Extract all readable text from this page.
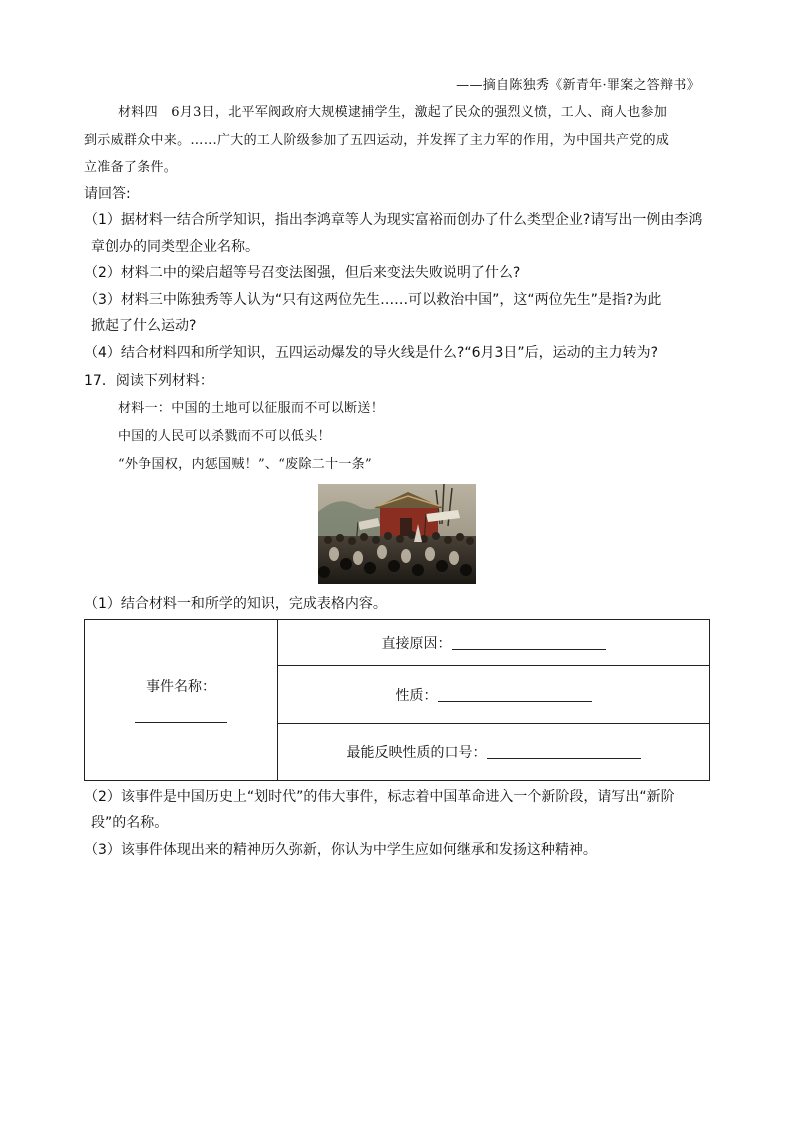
——摘自陈独秀《新青年·罪案之答辩书》
材料四　6月3日，北平军阀政府大规模逮捕学生，激起了民众的强烈义愤，工人、商人也参加
到示威群众中来。……广大的工人阶级参加了五四运动，并发挥了主力军的作用，为中国共产党的成
立准备了条件。
请回答:
（1）据材料一结合所学知识，指出李鸿章等人为现实富裕而创办了什么类型企业?请写出一例由李鸿
章创办的同类型企业名称。
（2）材料二中的梁启超等号召变法图强，但后来变法失败说明了什么?
（3）材料三中陈独秀等人认为“只有这两位先生……可以救治中国”，这“两位先生”是指?为此
掀起了什么运动?
（4）结合材料四和所学知识，五四运动爆发的导火线是什么?“6月3日”后，运动的主力转为?
17．阅读下列材料：
材料一：中国的土地可以征服而不可以断送！
中国的人民可以杀戮而不可以低头！
“外争国权，内惩国贼！”、“废除二十一条”
（1）结合材料一和所学的知识，完成表格内容。
事件名称：
	直接原因：
性质：
最能反映性质的口号：
（2）该事件是中国历史上“划时代”的伟大事件，标志着中国革命进入一个新阶段，请写出“新阶
段”的名称。
（3）该事件体现出来的精神历久弥新，你认为中学生应如何继承和发扬这种精神。
